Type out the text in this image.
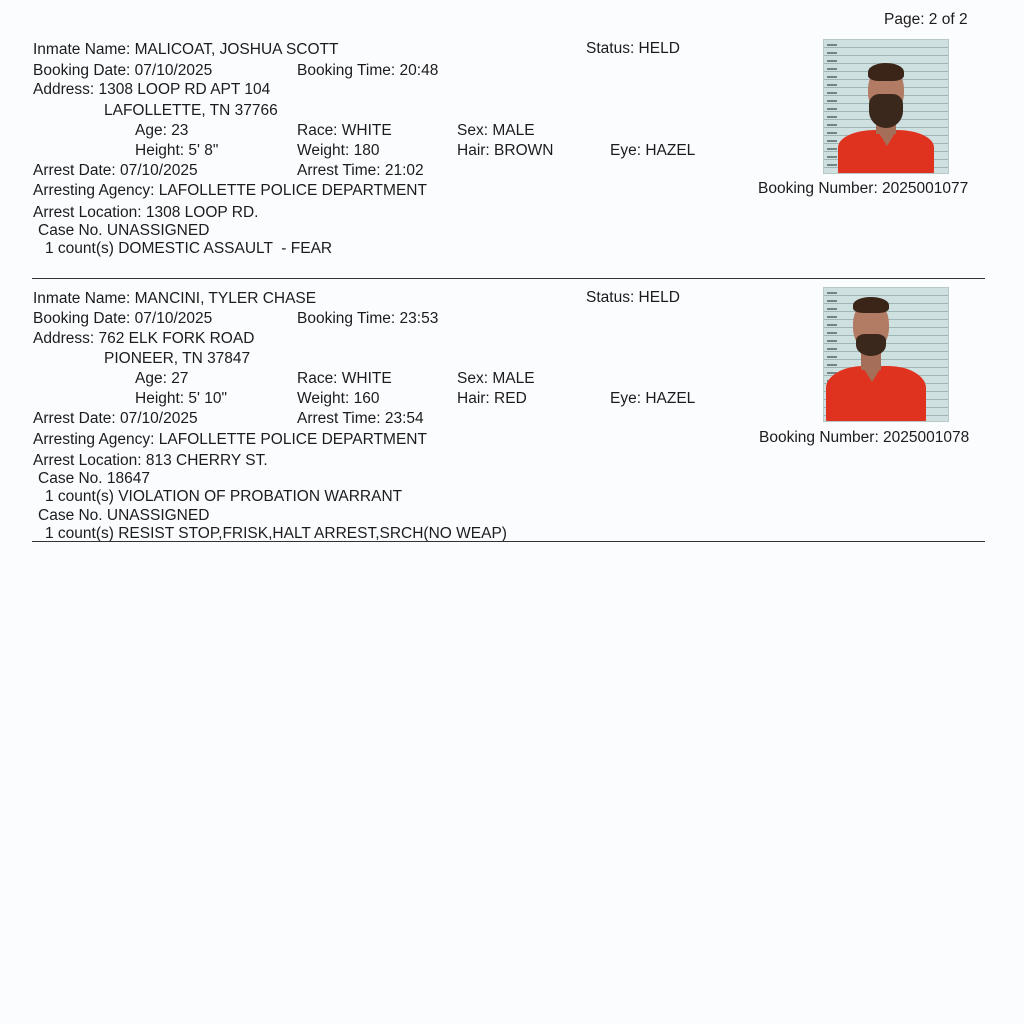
Page: 2 of 2
Inmate Name: MALICOAT, JOSHUA SCOTT	Status: HELD
Booking Date: 07/10/2025	Booking Time: 20:48
Address: 1308 LOOP RD APT 104
LAFOLLETTE, TN 37766
Age: 23	Race: WHITE	Sex: MALE
Height: 5' 8"	Weight: 180	Hair: BROWN	Eye: HAZEL
Arrest Date: 07/10/2025	Arrest Time: 21:02
Arresting Agency: LAFOLLETTE POLICE DEPARTMENT	Booking Number: 2025001077
Arrest Location: 1308 LOOP RD.
Case No. UNASSIGNED
1 count(s) DOMESTIC ASSAULT  - FEAR
Inmate Name: MANCINI, TYLER CHASE	Status: HELD
Booking Date: 07/10/2025	Booking Time: 23:53
Address: 762 ELK FORK ROAD
PIONEER, TN 37847
Age: 27	Race: WHITE	Sex: MALE
Height: 5' 10"	Weight: 160	Hair: RED	Eye: HAZEL
Arrest Date: 07/10/2025	Arrest Time: 23:54
Arresting Agency: LAFOLLETTE POLICE DEPARTMENT	Booking Number: 2025001078
Arrest Location: 813 CHERRY ST.
Case No. 18647
1 count(s) VIOLATION OF PROBATION WARRANT
Case No. UNASSIGNED
1 count(s) RESIST STOP,FRISK,HALT ARREST,SRCH(NO WEAP)
